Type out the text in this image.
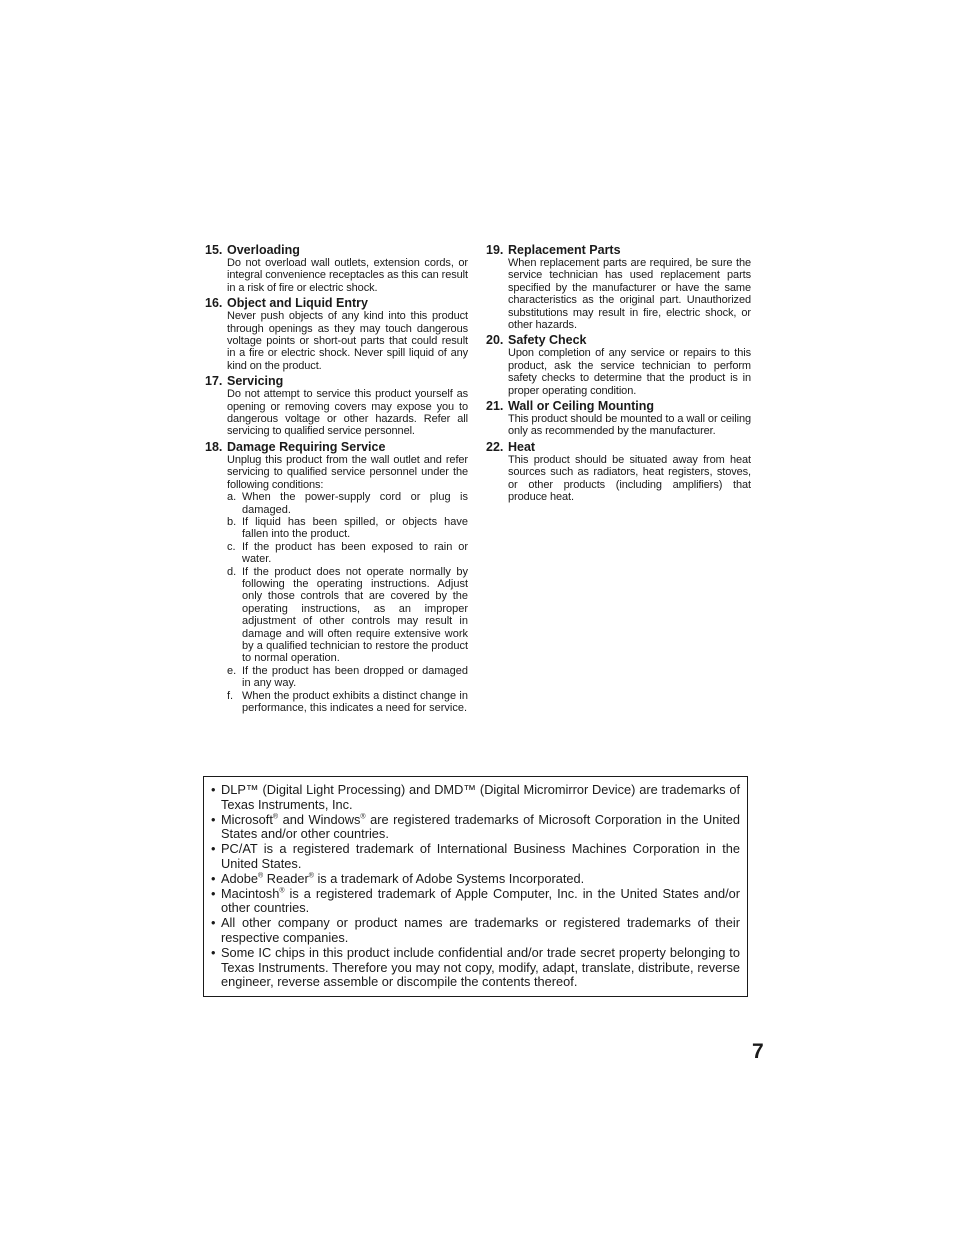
15. Overloading
Do not overload wall outlets, extension cords, or integral convenience receptacles as this can result in a risk of fire or electric shock.
16. Object and Liquid Entry
Never push objects of any kind into this product through openings as they may touch dangerous voltage points or short-out parts that could result in a fire or electric shock. Never spill liquid of any kind on the product.
17. Servicing
Do not attempt to service this product yourself as opening or removing covers may expose you to dangerous voltage or other hazards. Refer all servicing to qualified service personnel.
18. Damage Requiring Service
Unplug this product from the wall outlet and refer servicing to qualified service personnel under the following conditions:
a. When the power-supply cord or plug is damaged.
b. If liquid has been spilled, or objects have fallen into the product.
c. If the product has been exposed to rain or water.
d. If the product does not operate normally by following the operating instructions. Adjust only those controls that are covered by the operating instructions, as an improper adjustment of other controls may result in damage and will often require extensive work by a qualified technician to restore the product to normal operation.
e. If the product has been dropped or damaged in any way.
f. When the product exhibits a distinct change in performance, this indicates a need for service.
19. Replacement Parts
When replacement parts are required, be sure the service technician has used replacement parts specified by the manufacturer or have the same characteristics as the original part. Unauthorized substitutions may result in fire, electric shock, or other hazards.
20. Safety Check
Upon completion of any service or repairs to this product, ask the service technician to perform safety checks to determine that the product is in proper operating condition.
21. Wall or Ceiling Mounting
This product should be mounted to a wall or ceiling only as recommended by the manufacturer.
22. Heat
This product should be situated away from heat sources such as radiators, heat registers, stoves, or other products (including amplifiers) that produce heat.
• DLP™ (Digital Light Processing) and DMD™ (Digital Micromirror Device) are trademarks of Texas Instruments, Inc.
• Microsoft® and Windows® are registered trademarks of Microsoft Corporation in the United States and/or other countries.
• PC/AT is a registered trademark of International Business Machines Corporation in the United States.
• Adobe® Reader® is a trademark of Adobe Systems Incorporated.
• Macintosh® is a registered trademark of Apple Computer, Inc. in the United States and/or other countries.
• All other company or product names are trademarks or registered trademarks of their respective companies.
• Some IC chips in this product include confidential and/or trade secret property belonging to Texas Instruments. Therefore you may not copy, modify, adapt, translate, distribute, reverse engineer, reverse assemble or discompile the contents thereof.
7
